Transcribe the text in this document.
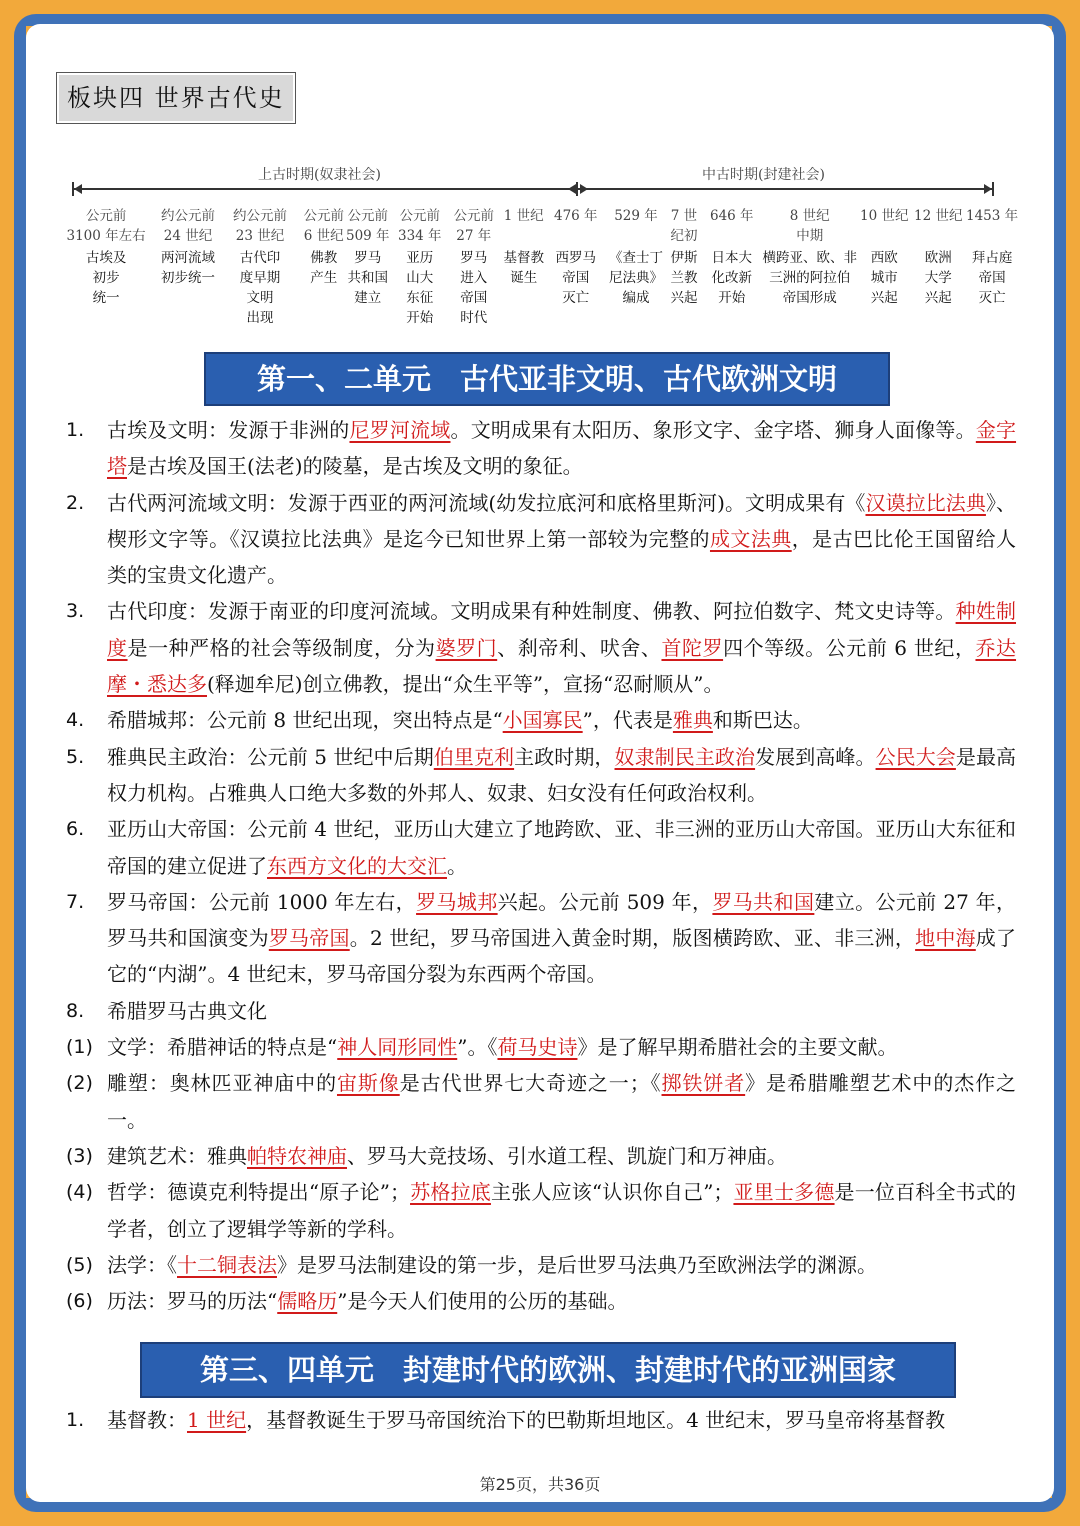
板块四 世界古代史
上古时期(奴隶社会)	中古时期(封建社会)
公元前
3100 年左右
古埃及
初步
统一
约公元前
24 世纪
两河流域
初步统一
约公元前
23 世纪
古代印
度早期
文明
出现
公元前
6 世纪
佛教
产生
公元前
509 年
罗马
共和国
建立
公元前
334 年
亚历
山大
东征
开始
公元前
27 年
罗马
进入
帝国
时代
1 世纪
基督教
诞生
476 年
西罗马
帝国
灭亡
529 年
《查士丁
尼法典》
编成
7 世
纪初
伊斯
兰教
兴起
646 年
日本大
化改新
开始
8 世纪
中期
横跨亚、欧、非
三洲的阿拉伯
帝国形成
10 世纪
西欧
城市
兴起
12 世纪
欧洲
大学
兴起
1453 年
拜占庭
帝国
灭亡
第一、二单元　古代亚非文明、古代欧洲文明
1. 古埃及文明：发源于非洲的尼罗河流域。文明成果有太阳历、象形文字、金字塔、狮身人面像等。金字塔是古埃及国王(法老)的陵墓，是古埃及文明的象征。
2. 古代两河流域文明：发源于西亚的两河流域(幼发拉底河和底格里斯河)。文明成果有《汉谟拉比法典》、楔形文字等。《汉谟拉比法典》是迄今已知世界上第一部较为完整的成文法典，是古巴比伦王国留给人类的宝贵文化遗产。
3. 古代印度：发源于南亚的印度河流域。文明成果有种姓制度、佛教、阿拉伯数字、梵文史诗等。种姓制度是一种严格的社会等级制度，分为婆罗门、刹帝利、吠舍、首陀罗四个等级。公元前 6 世纪，乔达摩・悉达多(释迦牟尼)创立佛教，提出“众生平等”，宣扬“忍耐顺从”。
4. 希腊城邦：公元前 8 世纪出现，突出特点是“小国寡民”，代表是雅典和斯巴达。
5. 雅典民主政治：公元前 5 世纪中后期伯里克利主政时期，奴隶制民主政治发展到高峰。公民大会是最高权力机构。占雅典人口绝大多数的外邦人、奴隶、妇女没有任何政治权利。
6. 亚历山大帝国：公元前 4 世纪，亚历山大建立了地跨欧、亚、非三洲的亚历山大帝国。亚历山大东征和帝国的建立促进了东西方文化的大交汇。
7. 罗马帝国：公元前 1000 年左右，罗马城邦兴起。公元前 509 年，罗马共和国建立。公元前 27 年，罗马共和国演变为罗马帝国。2 世纪，罗马帝国进入黄金时期，版图横跨欧、亚、非三洲，地中海成了它的“内湖”。4 世纪末，罗马帝国分裂为东西两个帝国。
8. 希腊罗马古典文化
(1) 文学：希腊神话的特点是“神人同形同性”。《荷马史诗》是了解早期希腊社会的主要文献。
(2) 雕塑：奥林匹亚神庙中的宙斯像是古代世界七大奇迹之一；《掷铁饼者》是希腊雕塑艺术中的杰作之一。
(3) 建筑艺术：雅典帕特农神庙、罗马大竞技场、引水道工程、凯旋门和万神庙。
(4) 哲学：德谟克利特提出“原子论”；苏格拉底主张人应该“认识你自己”；亚里士多德是一位百科全书式的学者，创立了逻辑学等新的学科。
(5) 法学：《十二铜表法》是罗马法制建设的第一步，是后世罗马法典乃至欧洲法学的渊源。
(6) 历法：罗马的历法“儒略历”是今天人们使用的公历的基础。
第三、四单元　封建时代的欧洲、封建时代的亚洲国家
1. 基督教：1 世纪，基督教诞生于罗马帝国统治下的巴勒斯坦地区。4 世纪末，罗马皇帝将基督教
第25页，共36页
